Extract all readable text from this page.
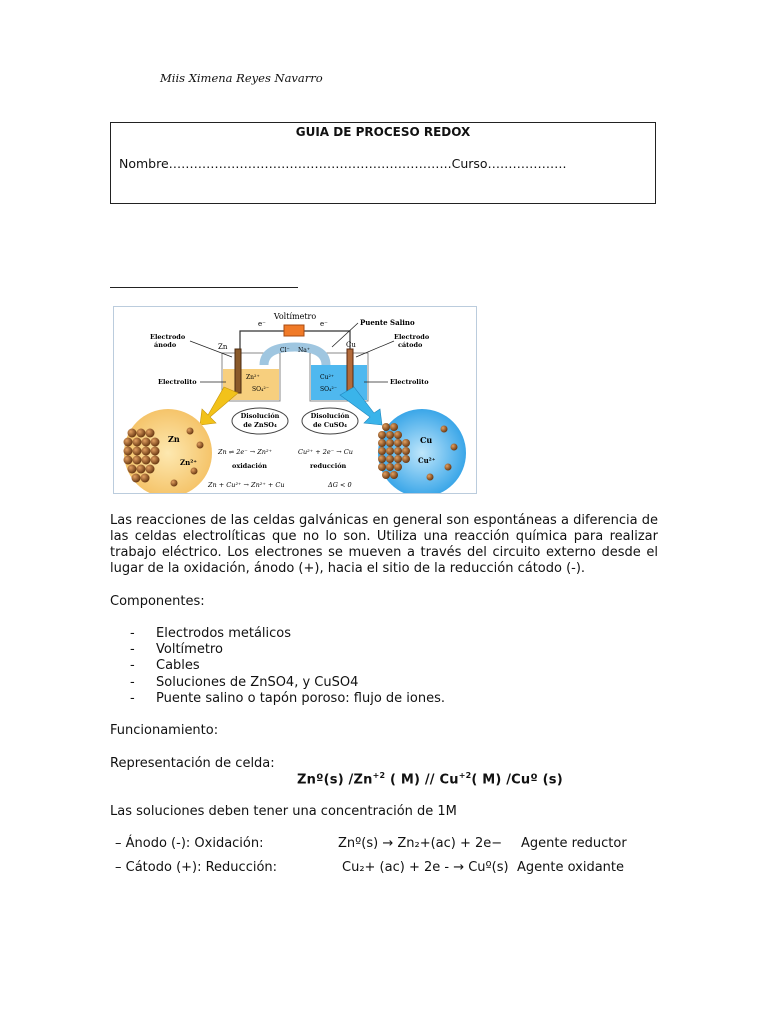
Miis Ximena Reyes Navarro
GUIA DE PROCESO REDOX
Nombre…………………………………………………………..Curso……………….
Voltímetro
e⁻	e⁻	Puente Salino
Cl⁻ Na⁺
Zn	Cu
Electrodo
ánodo
Electrodo
cátodo
Electrolito	Electrolito
Zn²⁺
SO₄²⁻
Cu²⁺
SO₄²⁻
Disolución
de ZnSO₄
Disolución
de CuSO₄
Zn ⇌ 2e⁻ → Zn²⁺	Cu²⁺ + 2e⁻ → Cu
oxidación	reducción
Zn + Cu²⁺ → Zn²⁺ + Cu	ΔG < 0
Zn
Zn²⁺
Cu
Cu²⁺
Las reacciones de las celdas galvánicas en general son espontáneas a diferencia de las celdas electrolíticas que no lo son. Utiliza una reacción química para realizar trabajo eléctrico. Los electrones se mueven a través del circuito externo desde el lugar de la oxidación, ánodo (+), hacia el sitio de la reducción cátodo (-).
Componentes:
- Electrodos metálicos
- Voltímetro
- Cables
- Soluciones de ZnSO4, y CuSO4
- Puente salino o tapón poroso: flujo de iones.
Funcionamiento:
Representación de celda:
Znº(s) $/Zn^{+2}$ ( $M) // Cu^{+2}$( M) /Cuº (s)
Las soluciones deben tener una concentración de 1M
– Ánodo (-): Oxidación:	Znº(s) → Zn₂+(ac) + 2e− Agente reductor
– Cátodo (+): Reducción:	Cu₂+ (ac) + 2e - → Cuº(s) Agente oxidante
